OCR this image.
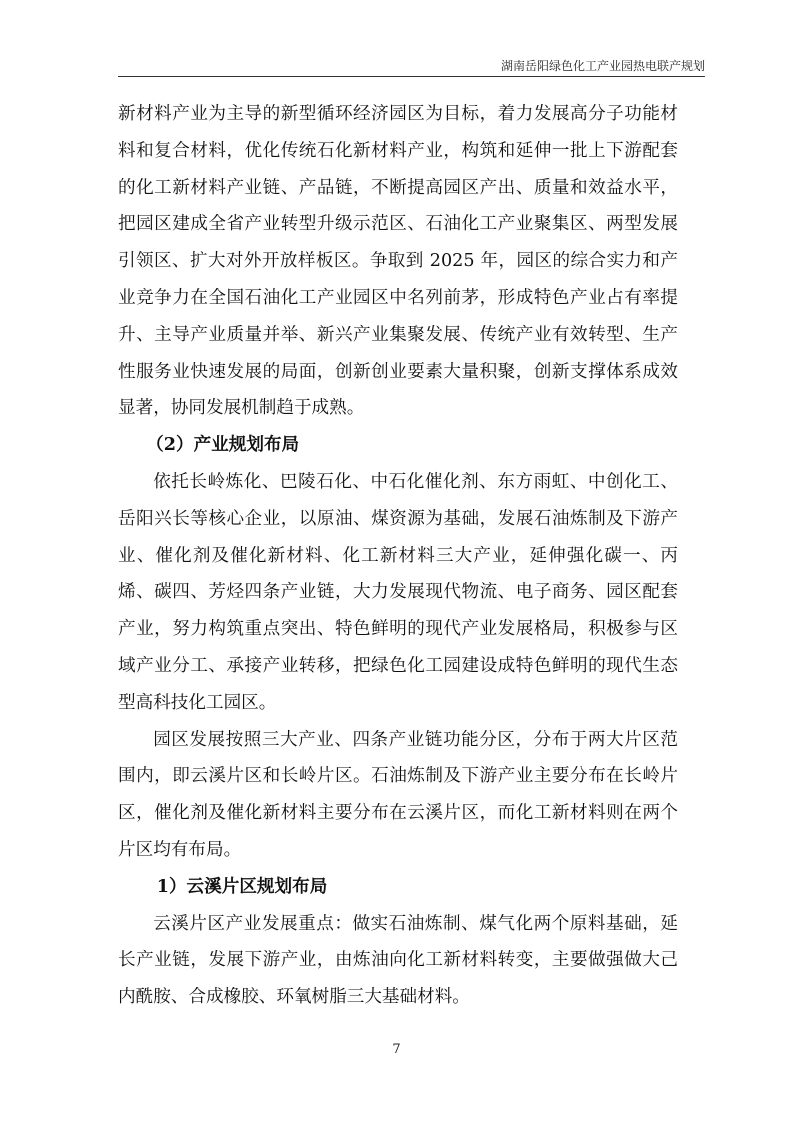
湖南岳阳绿色化工产业园热电联产规划

新材料产业为主导的新型循环经济园区为目标，着力发展高分子功能材料和复合材料，优化传统石化新材料产业，构筑和延伸一批上下游配套的化工新材料产业链、产品链，不断提高园区产出、质量和效益水平，把园区建成全省产业转型升级示范区、石油化工产业聚集区、两型发展引领区、扩大对外开放样板区。争取到 2025 年，园区的综合实力和产业竞争力在全国石油化工产业园区中名列前茅，形成特色产业占有率提升、主导产业质量并举、新兴产业集聚发展、传统产业有效转型、生产性服务业快速发展的局面，创新创业要素大量积聚，创新支撑体系成效显著，协同发展机制趋于成熟。

（2）产业规划布局

依托长岭炼化、巴陵石化、中石化催化剂、东方雨虹、中创化工、岳阳兴长等核心企业，以原油、煤资源为基础，发展石油炼制及下游产业、催化剂及催化新材料、化工新材料三大产业，延伸强化碳一、丙烯、碳四、芳烃四条产业链，大力发展现代物流、电子商务、园区配套产业，努力构筑重点突出、特色鲜明的现代产业发展格局，积极参与区域产业分工、承接产业转移，把绿色化工园建设成特色鲜明的现代生态型高科技化工园区。

园区发展按照三大产业、四条产业链功能分区，分布于两大片区范围内，即云溪片区和长岭片区。石油炼制及下游产业主要分布在长岭片区，催化剂及催化新材料主要分布在云溪片区，而化工新材料则在两个片区均有布局。

1）云溪片区规划布局

云溪片区产业发展重点：做实石油炼制、煤气化两个原料基础，延长产业链，发展下游产业，由炼油向化工新材料转变，主要做强做大己内酰胺、合成橡胶、环氧树脂三大基础材料。

7
